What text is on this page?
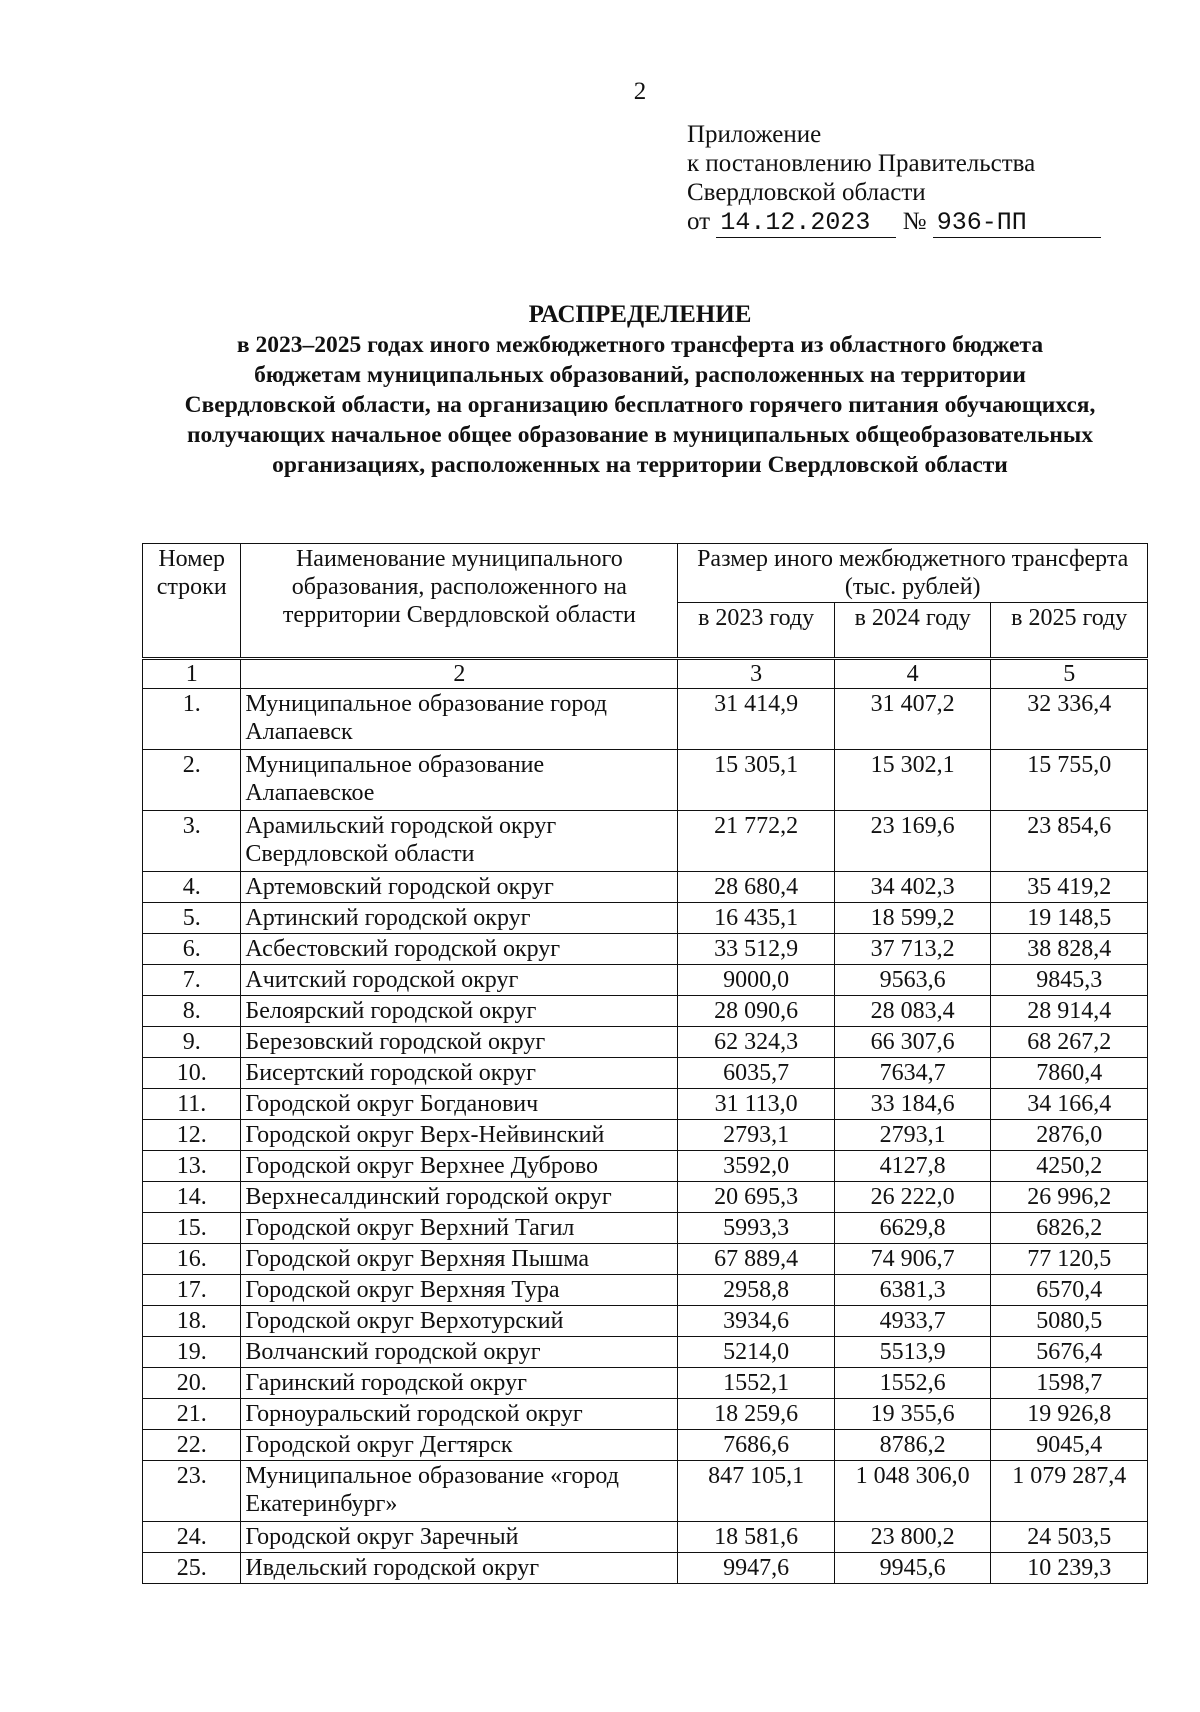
2
Приложение
к постановлению Правительства
Свердловской области
от 14.12.2023 № 936-ПП
РАСПРЕДЕЛЕНИЕ
в 2023–2025 годах иного межбюджетного трансферта из областного бюджета
бюджетам муниципальных образований, расположенных на территории
Свердловской области, на организацию бесплатного горячего питания обучающихся,
получающих начальное общее образование в муниципальных общеобразовательных
организациях, расположенных на территории Свердловской области
Номер строки	Наименование муниципального образования, расположенного на территории Свердловской области	Размер иного межбюджетного трансферта (тыс. рублей)		
		в 2023 году	в 2024 году	в 2025 году
1	2	3	4	5
1.	Муниципальное образование город Алапаевск	31 414,9	31 407,2	32 336,4
2.	Муниципальное образование Алапаевское	15 305,1	15 302,1	15 755,0
3.	Арамильский городской округ Свердловской области	21 772,2	23 169,6	23 854,6
4.	Артемовский городской округ	28 680,4	34 402,3	35 419,2
5.	Артинский городской округ	16 435,1	18 599,2	19 148,5
6.	Асбестовский городской округ	33 512,9	37 713,2	38 828,4
7.	Ачитский городской округ	9000,0	9563,6	9845,3
8.	Белоярский городской округ	28 090,6	28 083,4	28 914,4
9.	Березовский городской округ	62 324,3	66 307,6	68 267,2
10.	Бисертский городской округ	6035,7	7634,7	7860,4
11.	Городской округ Богданович	31 113,0	33 184,6	34 166,4
12.	Городской округ Верх-Нейвинский	2793,1	2793,1	2876,0
13.	Городской округ Верхнее Дуброво	3592,0	4127,8	4250,2
14.	Верхнесалдинский городской округ	20 695,3	26 222,0	26 996,2
15.	Городской округ Верхний Тагил	5993,3	6629,8	6826,2
16.	Городской округ Верхняя Пышма	67 889,4	74 906,7	77 120,5
17.	Городской округ Верхняя Тура	2958,8	6381,3	6570,4
18.	Городской округ Верхотурский	3934,6	4933,7	5080,5
19.	Волчанский городской округ	5214,0	5513,9	5676,4
20.	Гаринский городской округ	1552,1	1552,6	1598,7
21.	Горноуральский городской округ	18 259,6	19 355,6	19 926,8
22.	Городской округ Дегтярск	7686,6	8786,2	9045,4
23.	Муниципальное образование «город Екатеринбург»	847 105,1	1 048 306,0	1 079 287,4
24.	Городской округ Заречный	18 581,6	23 800,2	24 503,5
25.	Ивдельский городской округ	9947,6	9945,6	10 239,3
